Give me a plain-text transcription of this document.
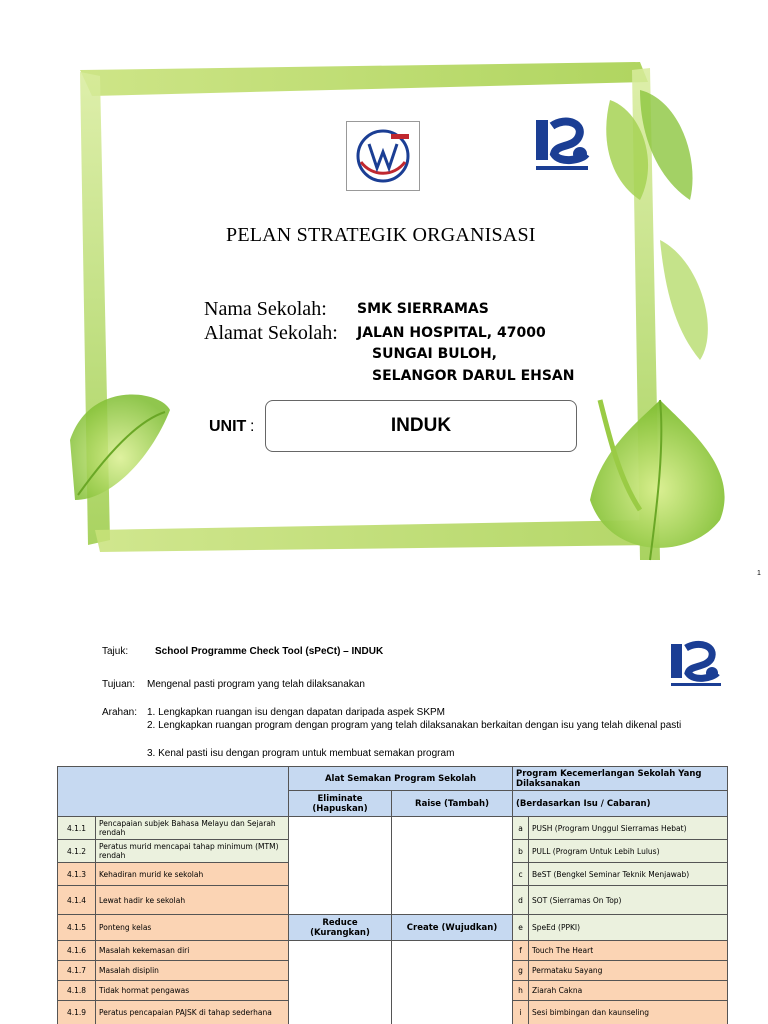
PELAN STRATEGIK ORGANISASI
Nama Sekolah: SMK SIERRAMAS
Alamat Sekolah: JALAN HOSPITAL, 47000
SUNGAI BULOH,
SELANGOR DARUL EHSAN
UNIT :	INDUK
1
Tajuk:	School Programme Check Tool (sPeCt) – INDUK
Tujuan: Mengenal pasti program yang telah dilaksanakan
Arahan: 1. Lengkapkan ruangan isu dengan dapatan daripada aspek SKPM
2. Lengkapkan ruangan program dengan program yang telah dilaksanakan berkaitan dengan isu yang telah dikenal pasti
3. Kenal pasti isu dengan program untuk membuat semakan program
		Alat Semakan Program Sekolah		Program Kecemerlangan Sekolah Yang Dilaksanakan	
		Eliminate (Hapuskan)	Raise (Tambah)	(Berdasarkan Isu / Cabaran)	
4.1.1	Pencapaian subjek Bahasa Melayu dan Sejarah rendah			a	PUSH (Program Unggul Sierramas Hebat)
4.1.2	Peratus murid mencapai tahap minimum (MTM) rendah			b	PULL (Program Untuk Lebih Lulus)
4.1.3	Kehadiran murid ke sekolah			c	BeST (Bengkel Seminar Teknik Menjawab)
4.1.4	Lewat hadir ke sekolah			d	SOT (Sierramas On Top)
4.1.5	Ponteng kelas	Reduce (Kurangkan)	Create (Wujudkan)	e	SpeEd (PPKI)
4.1.6	Masalah kekemasan diri			f	Touch The Heart
4.1.7	Masalah disiplin			g	Permataku Sayang
4.1.8	Tidak hormat pengawas			h	Ziarah Cakna
4.1.9	Peratus pencapaian PAJSK di tahap sederhana			i	Sesi bimbingan dan kaunseling
